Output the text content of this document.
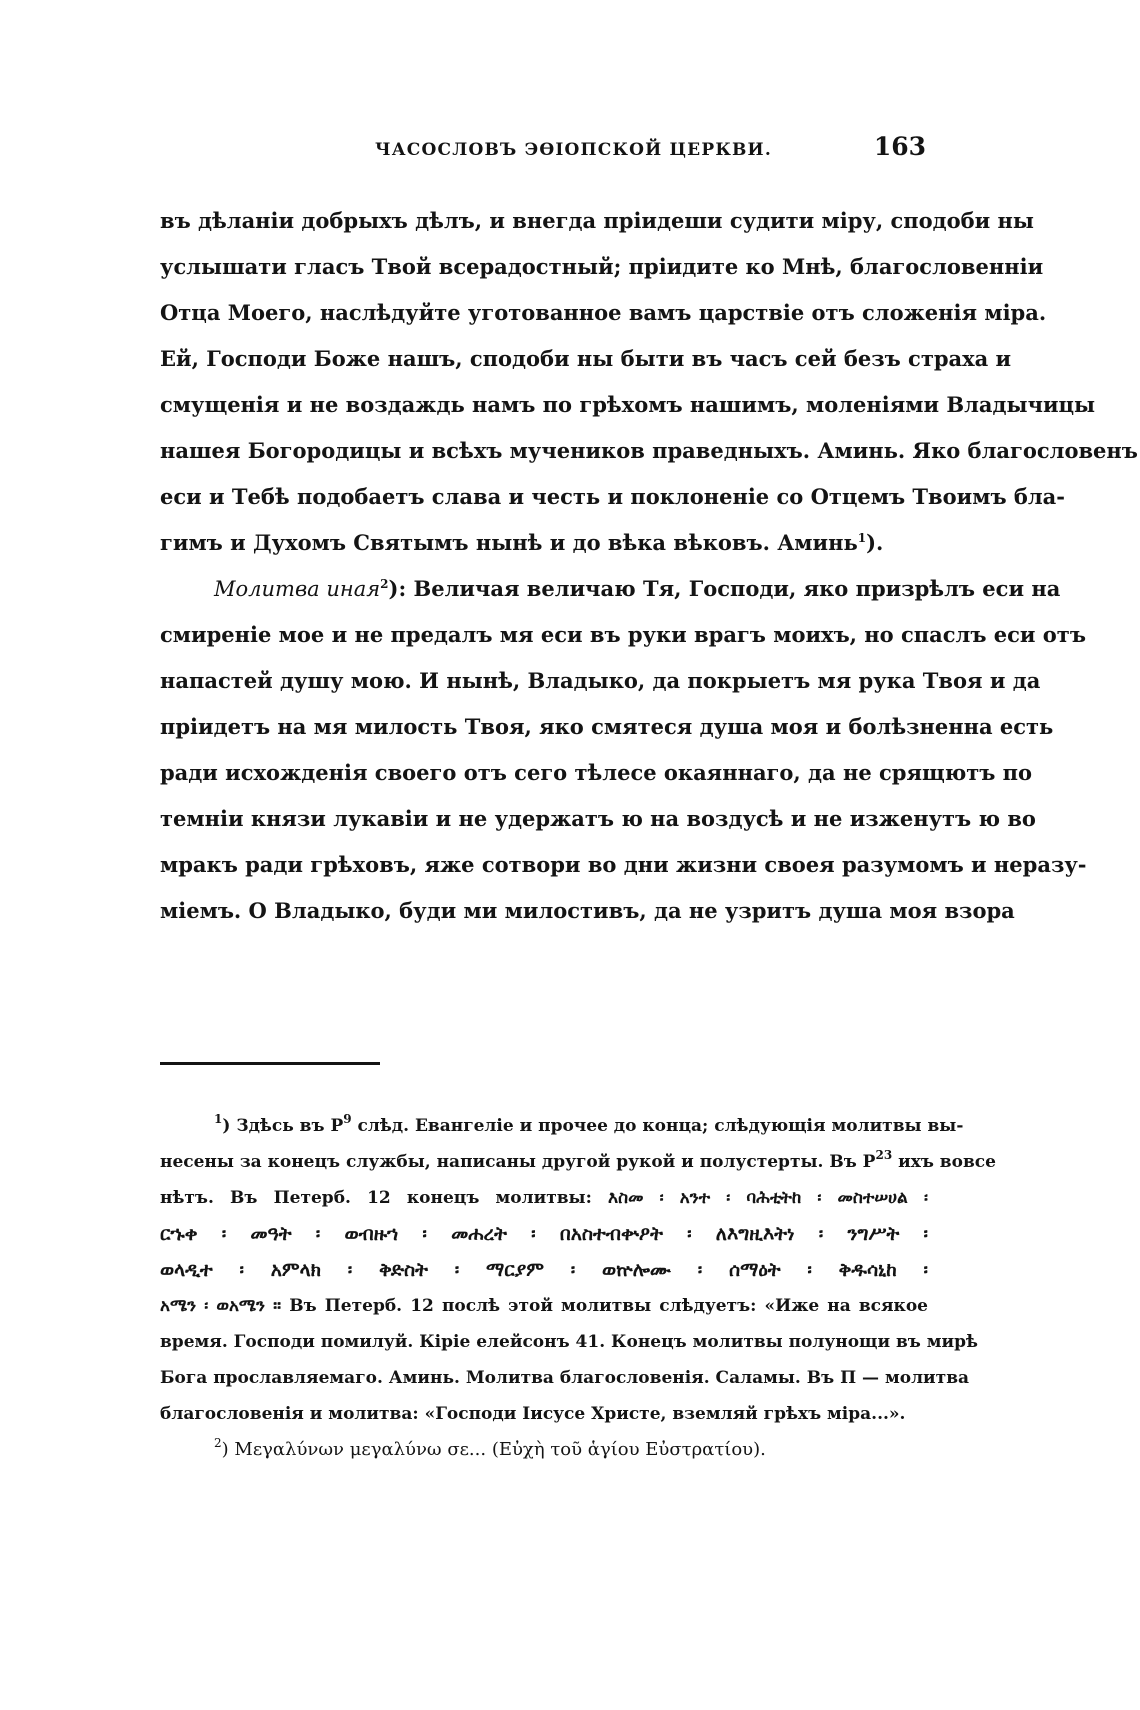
ЧАСОСЛОВЪ ЭѲІОПСКОЙ ЦЕРКВИ.	163
въ дѣланіи добрыхъ дѣлъ, и внегда пріидеши судити міру, сподоби ны
услышати гласъ Твой всерадостный; пріидите ко Мнѣ, благословенніи
Отца Моего, наслѣдуйте уготованное вамъ царствіе отъ сложенія міра.
Ей, Господи Боже нашъ, сподоби ны быти въ часъ сей безъ страха и
смущенія и не воздаждь намъ по грѣхомъ нашимъ, моленіями Владычицы
нашея Богородицы и всѣхъ мучеников праведныхъ. Аминь. Яко благословенъ
еси и Тебѣ подобаетъ слава и честь и поклоненіе со Отцемъ Твоимъ бла-
гимъ и Духомъ Святымъ нынѣ и до вѣка вѣковъ. Аминь$^1$).
Молитва иная$^2$): Величая величаю Тя, Господи, яко призрѣлъ еси на
смиреніе мое и не предалъ мя еси въ руки врагъ моихъ, но спаслъ еси отъ
напастей душу мою. И нынѣ, Владыко, да покрыетъ мя рука Твоя и да
пріидетъ на мя милость Твоя, яко смятеся душа моя и болѣзненна есть
ради исхожденія своего отъ сего тѣлесе окаяннаго, да не срящютъ по
темніи князи лукавіи и не удержатъ ю на воздусѣ и не изженутъ ю во
мракъ ради грѣховъ, яже сотвори во дни жизни своея разумомъ и неразу-
міемъ. О Владыко, буди ми милостивъ, да не узритъ душа моя взора
$^1$) Здѣсь въ $Р^9$ слѣд. Евангеліе и прочее до конца; слѣдующія молитвы вы-
несены за конецъ службы, написаны другой рукой и полустерты. Въ $Р^{23}$ ихъ вовсе
нѣтъ. Въ Петерб. 12 конецъ молитвы: እስመ ፡ አንተ ፡ ባሕቲትከ ፡ መስተሠሀል ፡
ርኁቀ ፡ መዓት ፡ ወብዙኀ ፡ መሐረት ፡ በአስተብቍዖት ፡ ለእግዚእትነ ፡ ንግሥት ፡
ወላዲተ ፡ አምላክ ፡ ቅድስት ፡ ማርያም ፡ ወኵሎሙ ፡ ሰማዕት ፡ ቅዱሳኒከ ፡
አሜን ፡ ወአሜን ። Въ Петерб. 12 послѣ этой молитвы слѣдуетъ: «Иже на всякое
время. Господи помилуй. Кіріе елейсонъ 41. Конецъ молитвы полунощи въ мирѣ
Бога прославляемаго. Аминь. Молитва благословенія. Саламы. Въ П — молитва
благословенія и молитва: «Господи Іисусе Христе, вземляй грѣхъ міра...».
$^2$) Μεγαλύνων μεγαλύνω σε... (Εὐχὴ τοῦ ἁγίου Εὐστρατίου).
